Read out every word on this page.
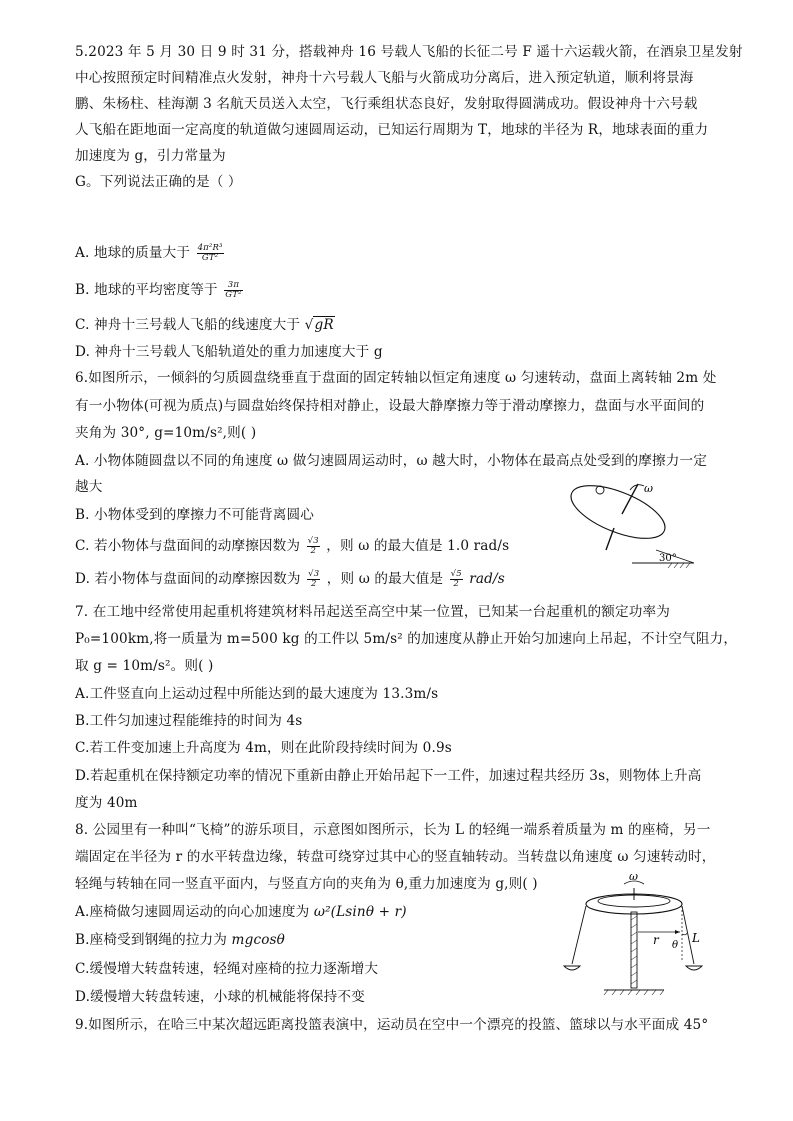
5.2023 年 5 月 30 日 9 时 31 分，搭载神舟 16 号载人飞船的长征二号 F 遥十六运载火箭，在酒泉卫星发射
中心按照预定时间精准点火发射，神舟十六号载人飞船与火箭成功分离后，进入预定轨道，顺利将景海
鹏、朱杨柱、桂海潮 3 名航天员送入太空，飞行乘组状态良好，发射取得圆满成功。假设神舟十六号载
人飞船在距地面一定高度的轨道做匀速圆周运动，已知运行周期为 T，地球的半径为 R，地球表面的重力
加速度为 g，引力常量为
G。下列说法正确的是（ ）
A. 地球的质量大于 $\frac{\text{4π²R³}}{\text{GT²}}$
B. 地球的平均密度等于 $\frac{3\pi}{\text{GT²}}$
C. 神舟十三号载人飞船的线速度大于 √gR
D. 神舟十三号载人飞船轨道处的重力加速度大于 g
6.如图所示，一倾斜的匀质圆盘绕垂直于盘面的固定转轴以恒定角速度 ω 匀速转动，盘面上离转轴 2m 处
有一小物体(可视为质点)与圆盘始终保持相对静止，设最大静摩擦力等于滑动摩擦力，盘面与水平面间的
夹角为 30°, g=10m/s²,则( )
A. 小物体随圆盘以不同的角速度 ω 做匀速圆周运动时，ω 越大时，小物体在最高点处受到的摩擦力一定
越大
B. 小物体受到的摩擦力不可能背离圆心
C. 若小物体与盘面间的动摩擦因数为 $\frac{√3}{2}$ ，则 ω 的最大值是 1.0 rad/s
D. 若小物体与盘面间的动摩擦因数为 $\frac{√3}{2}$ ，则 ω 的最大值是 $\frac{√5}{2} rad/s$
ω
30°
7. 在工地中经常使用起重机将建筑材料吊起送至高空中某一位置，已知某一台起重机的额定功率为
P₀=100km,将一质量为 m=500 kg 的工件以 5m/s² 的加速度从静止开始匀加速向上吊起，不计空气阻力，
取 g = 10m/s²。则( )
A.工件竖直向上运动过程中所能达到的最大速度为 13.3m/s
B.工件匀加速过程能维持的时间为 4s
C.若工件变加速上升高度为 4m，则在此阶段持续时间为 0.9s
D.若起重机在保持额定功率的情况下重新由静止开始吊起下一工件，加速过程共经历 3s，则物体上升高
度为 40m
8. 公园里有一种叫“飞椅”的游乐项目，示意图如图所示，长为 L 的轻绳一端系着质量为 m 的座椅，另一
端固定在半径为 r 的水平转盘边缘，转盘可绕穿过其中心的竖直轴转动。当转盘以角速度 ω 匀速转动时，
轻绳与转轴在同一竖直平面内，与竖直方向的夹角为 θ,重力加速度为 g,则( )
A.座椅做匀速圆周运动的向心加速度为 ω²(Lsinθ + r)
B.座椅受到钢绳的拉力为 mgcosθ
C.缓慢增大转盘转速，轻绳对座椅的拉力逐渐增大
D.缓慢增大转盘转速，小球的机械能将保持不变
ω
r θ
L
9.如图所示，在哈三中某次超远距离投篮表演中，运动员在空中一个漂亮的投篮、篮球以与水平面成 45°
